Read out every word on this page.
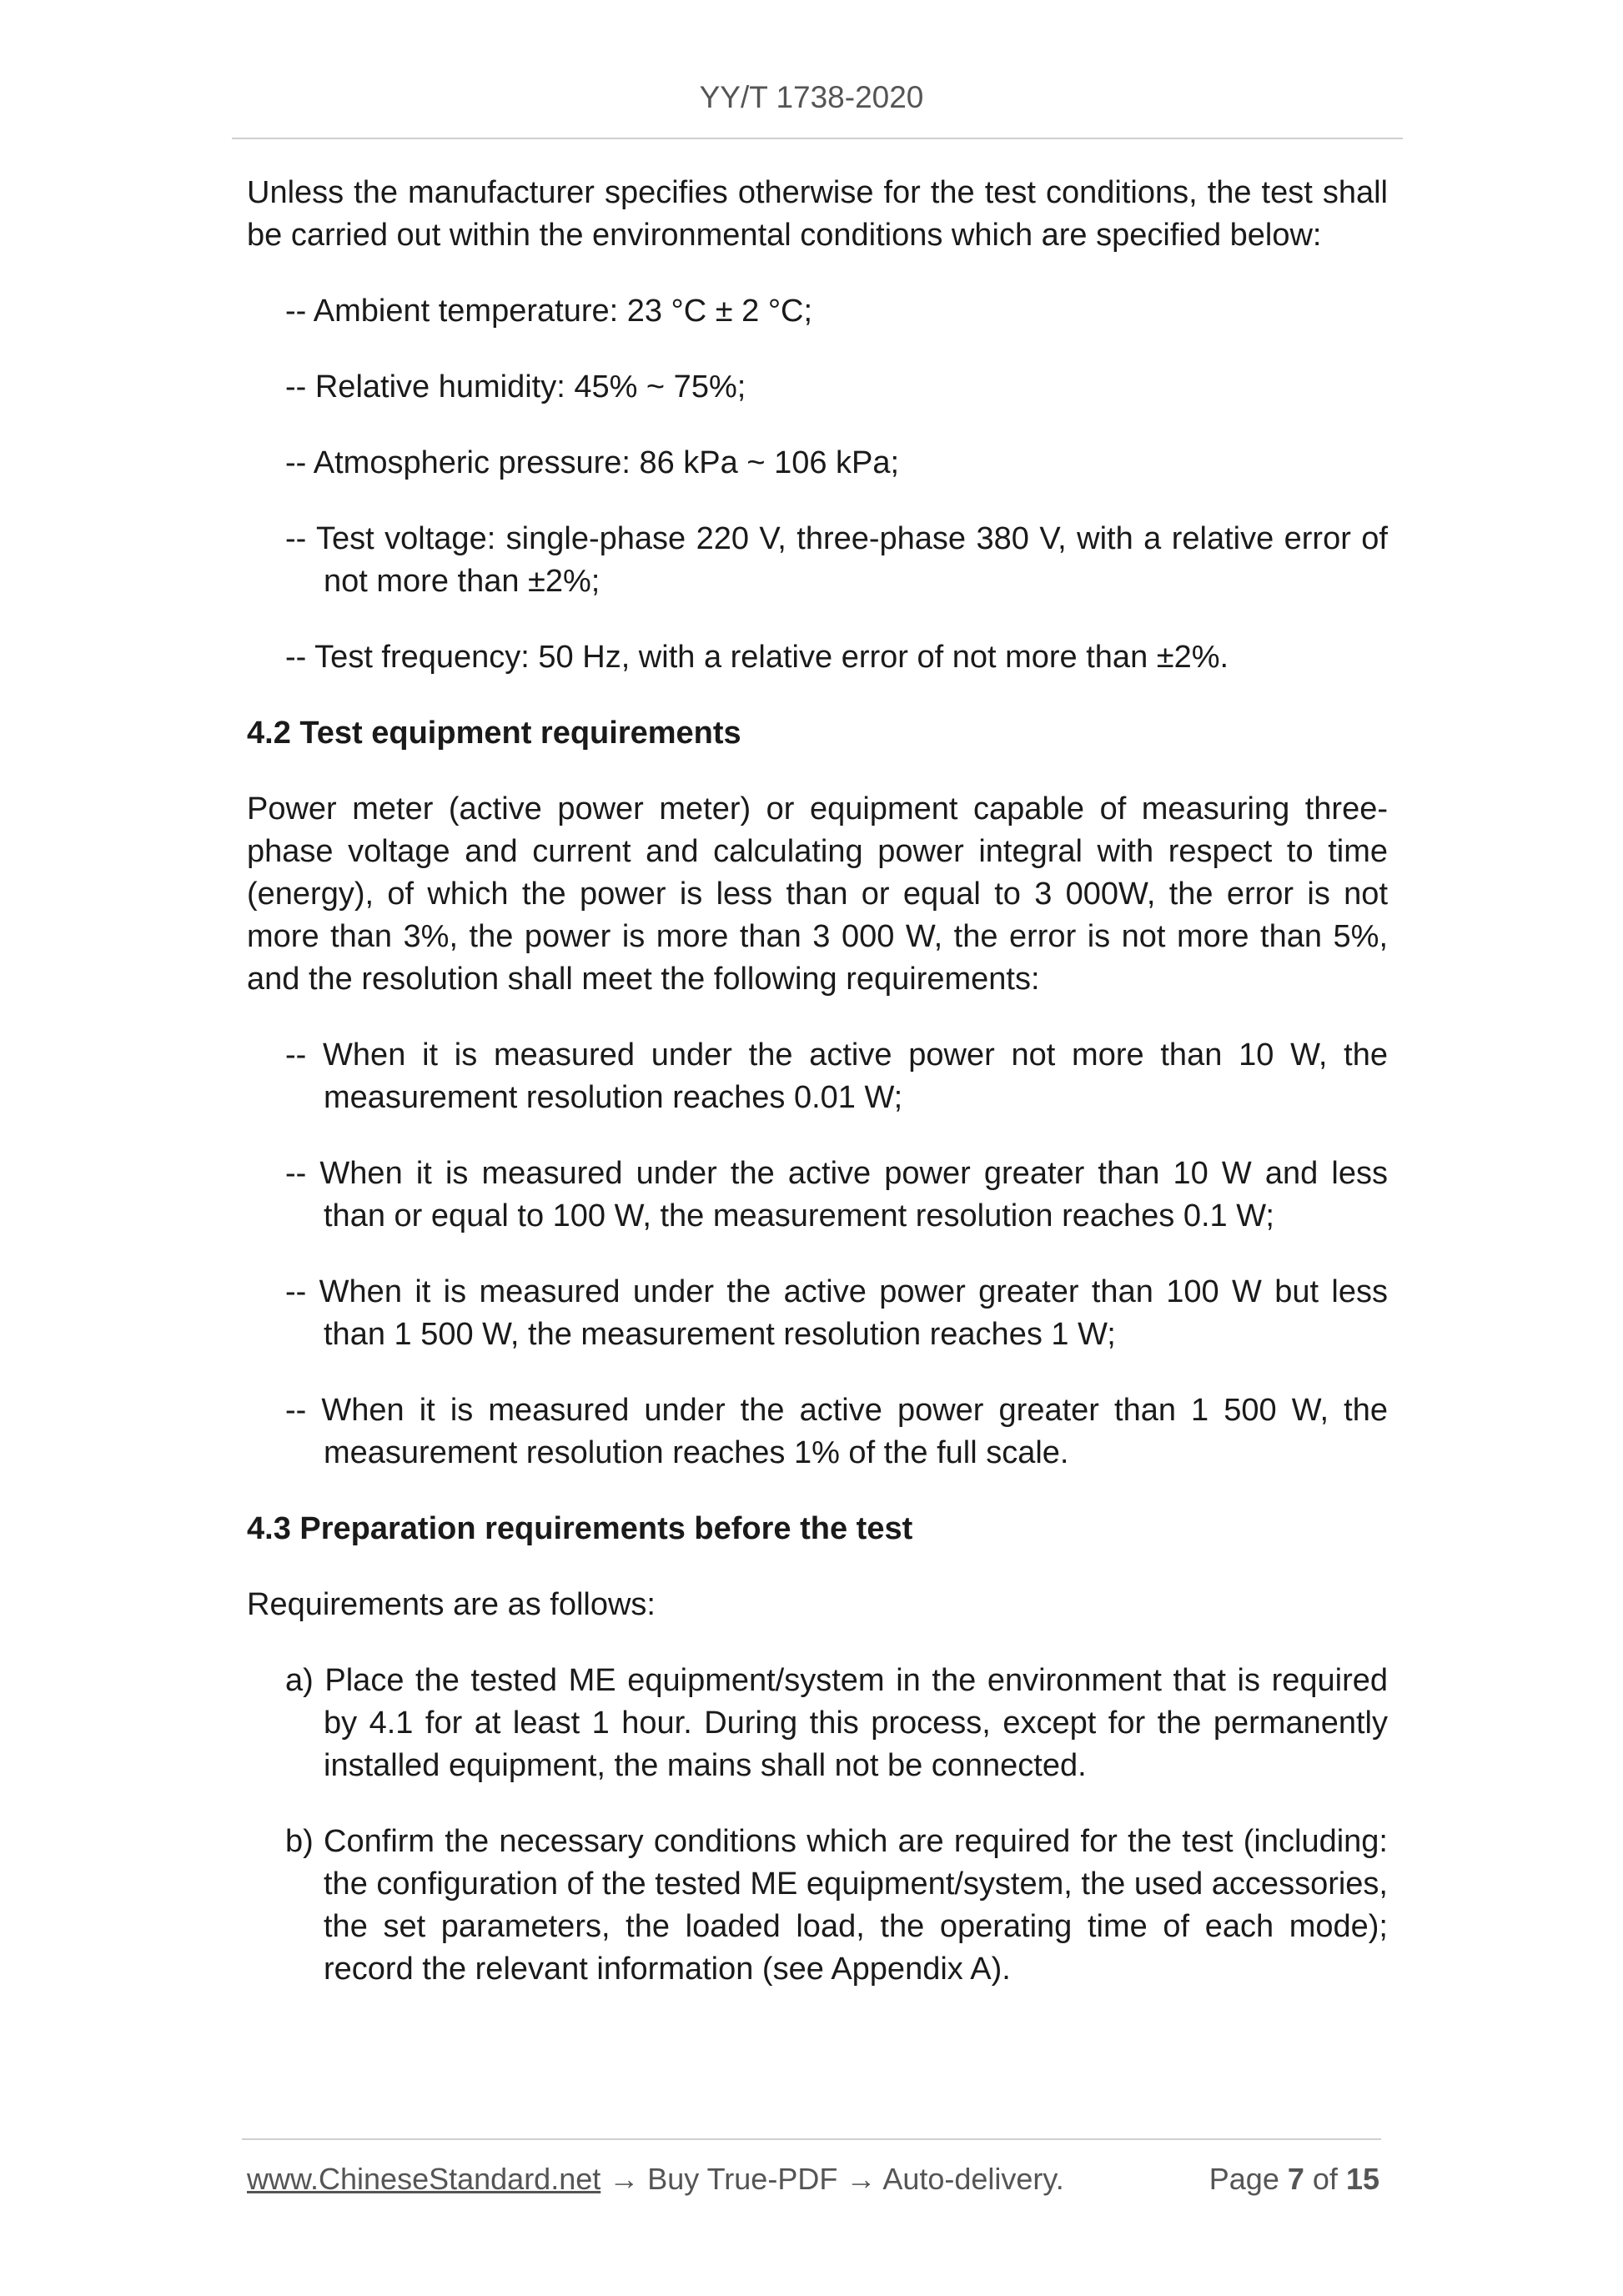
YY/T 1738-2020

Unless the manufacturer specifies otherwise for the test conditions, the test shall be carried out within the environmental conditions which are specified below:

-- Ambient temperature: 23 °C ± 2 °C;

-- Relative humidity: 45% ~ 75%;

-- Atmospheric pressure: 86 kPa ~ 106 kPa;

-- Test voltage: single-phase 220 V, three-phase 380 V, with a relative error of not more than ±2%;

-- Test frequency: 50 Hz, with a relative error of not more than ±2%.

4.2 Test equipment requirements

Power meter (active power meter) or equipment capable of measuring three-phase voltage and current and calculating power integral with respect to time (energy), of which the power is less than or equal to 3 000W, the error is not more than 3%, the power is more than 3 000 W, the error is not more than 5%, and the resolution shall meet the following requirements:

-- When it is measured under the active power not more than 10 W, the measurement resolution reaches 0.01 W;

-- When it is measured under the active power greater than 10 W and less than or equal to 100 W, the measurement resolution reaches 0.1 W;

-- When it is measured under the active power greater than 100 W but less than 1 500 W, the measurement resolution reaches 1 W;

-- When it is measured under the active power greater than 1 500 W, the measurement resolution reaches 1% of the full scale.

4.3 Preparation requirements before the test

Requirements are as follows:

a) Place the tested ME equipment/system in the environment that is required by 4.1 for at least 1 hour. During this process, except for the permanently installed equipment, the mains shall not be connected.

b) Confirm the necessary conditions which are required for the test (including: the configuration of the tested ME equipment/system, the used accessories, the set parameters, the loaded load, the operating time of each mode); record the relevant information (see Appendix A).

www.ChineseStandard.net → Buy True-PDF → Auto-delivery.	Page 7 of 15
